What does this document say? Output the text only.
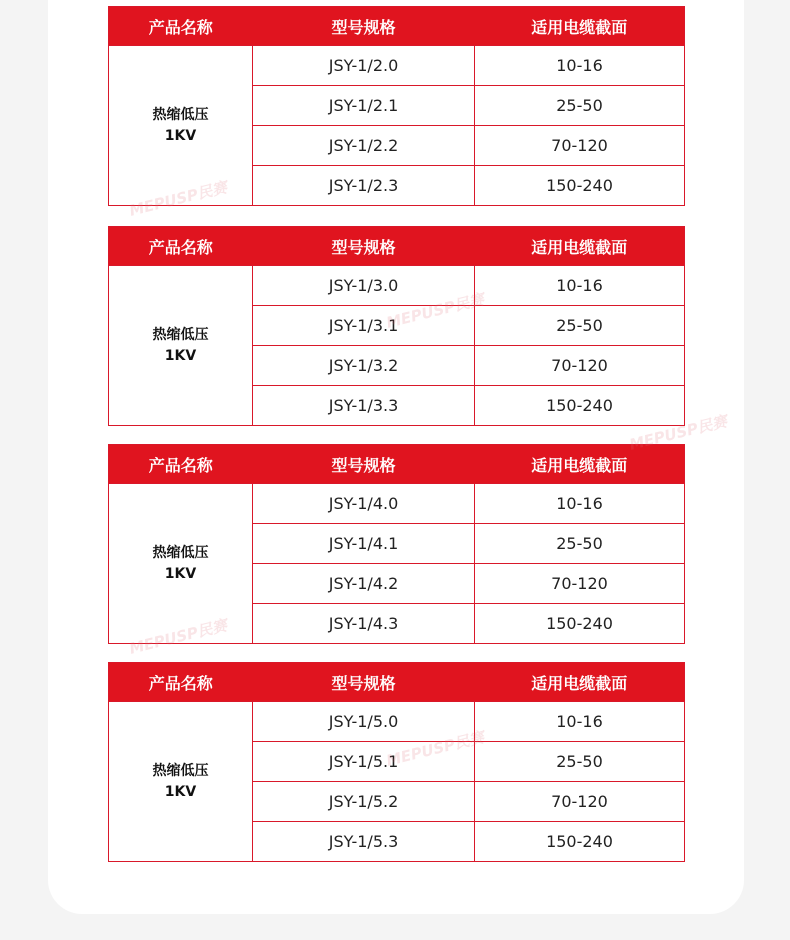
产品名称	型号规格	适用电缆截面

热缩低压
1KV	JSY-1/2.0	10-16
	JSY-1/2.1	25-50
	JSY-1/2.2	70-120
	JSY-1/2.3	150-240
产品名称	型号规格	适用电缆截面

热缩低压
1KV	JSY-1/3.0	10-16
	JSY-1/3.1	25-50
	JSY-1/3.2	70-120
	JSY-1/3.3	150-240
产品名称	型号规格	适用电缆截面

热缩低压
1KV	JSY-1/4.0	10-16
	JSY-1/4.1	25-50
	JSY-1/4.2	70-120
	JSY-1/4.3	150-240
产品名称	型号规格	适用电缆截面

热缩低压
1KV	JSY-1/5.0	10-16
	JSY-1/5.1	25-50
	JSY-1/5.2	70-120
	JSY-1/5.3	150-240
